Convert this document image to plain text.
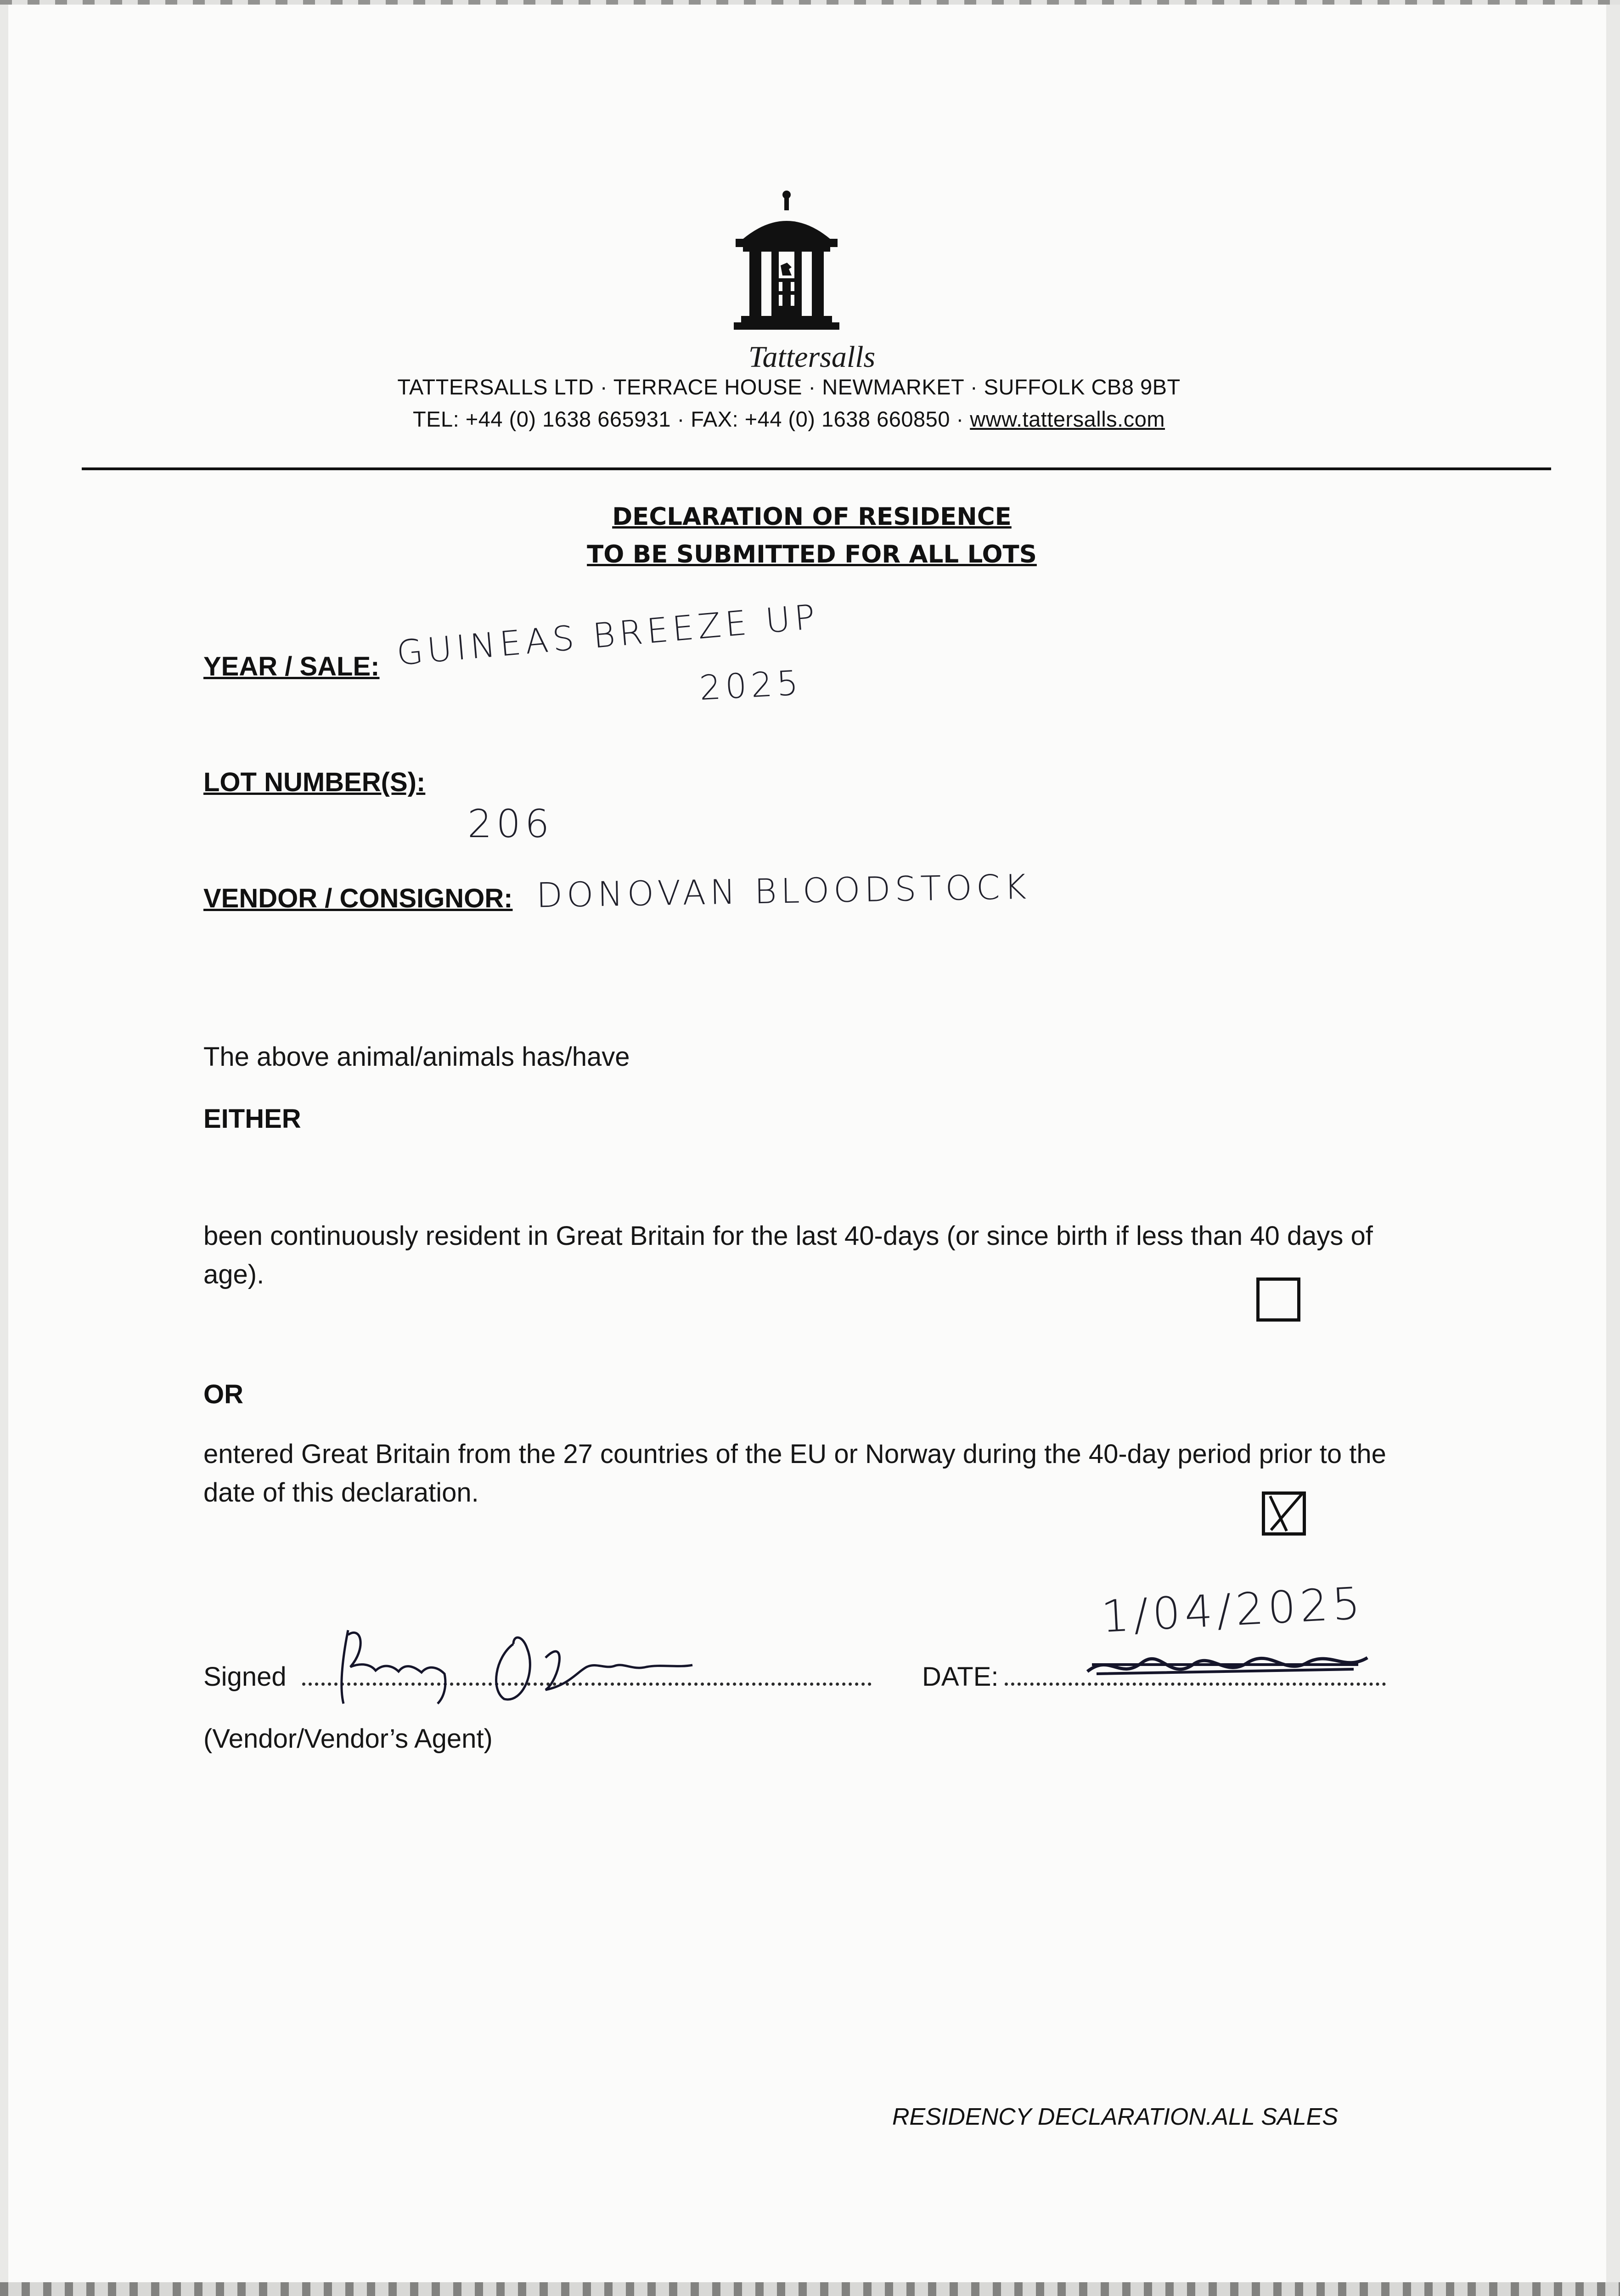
Tattersalls
TATTERSALLS LTD · TERRACE HOUSE · NEWMARKET · SUFFOLK CB8 9BT
TEL: +44 (0) 1638 665931 · FAX: +44 (0) 1638 660850 · www.tattersalls.com
DECLARATION OF RESIDENCE
TO BE SUBMITTED FOR ALL LOTS
YEAR / SALE: GUINEAS BREEZE UP
2025
LOT NUMBER(S):
206
VENDOR / CONSIGNOR: DONOVAN BLOODSTOCK
The above animal/animals has/have
EITHER
been continuously resident in Great Britain for the last 40-days (or since birth if less than 40 days of age).
OR
entered Great Britain from the 27 countries of the EU or Norway during the 40-day period prior to the date of this declaration.
Signed	DATE:
1/04/2025
(Vendor/Vendor’s Agent)
RESIDENCY DECLARATION.ALL SALES
